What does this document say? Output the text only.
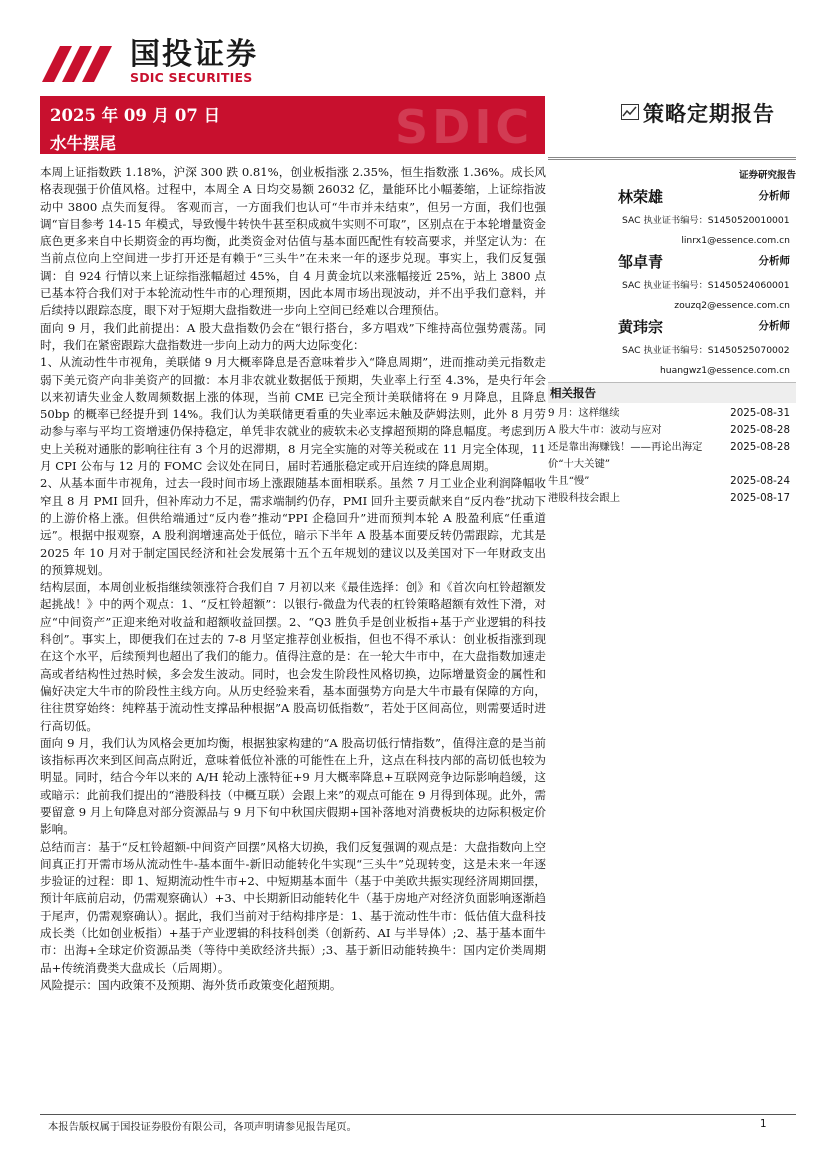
国投证券
SDIC SECURITIES
SDIC
2025 年 09 月 07 日
水牛摆尾
策略定期报告
证券研究报告
林荣雄	分析师
SAC 执业证书编号：S1450520010001
linrx1@essence.com.cn
邹卓青	分析师
SAC 执业证书编号：S1450524060001
zouzq2@essence.com.cn
黄玮宗	分析师
SAC 执业证书编号：S1450525070002
huangwz1@essence.com.cn
相关报告
9 月：这样继续	2025-08-31
A 股大牛市：波动与应对	2025-08-28
还是靠出海赚钱！——再论出海定价“十大关键”
2025-08-28
牛且“慢”	2025-08-24
港股科技会跟上	2025-08-17

本周上证指数跌 1.18%，沪深 300 跌 0.81%，创业板指涨 2.35%，恒生指数涨 1.36%。成长风格表现强于价值风格。过程中，本周全 A 日均交易额 26032 亿，量能环比小幅萎缩，上证综指波动中 3800 点失而复得。 客观而言，一方面我们也认可“牛市并未结束”，但另一方面，我们也强调“盲目参考 14-15 年模式，导致慢牛转快牛甚至积成疯牛实则不可取”，区别点在于本轮增量资金底色更多来自中长期资金的再均衡，此类资金对估值与基本面匹配性有较高要求，并坚定认为：在当前点位向上空间进一步打开还是有赖于“三头牛”在未来一年的逐步兑现。事实上，我们反复强调：自 924 行情以来上证综指涨幅超过 45%，自 4 月黄金坑以来涨幅接近 25%，站上 3800 点已基本符合我们对于本轮流动性牛市的心理预期，因此本周市场出现波动，并不出乎我们意料，并后续持以跟踪态度，眼下对于短期大盘指数进一步向上空间已经难以合理预估。

面向 9 月，我们此前提出：A 股大盘指数仍会在“银行搭台，多方唱戏”下维持高位强势震荡。同时，我们在紧密跟踪大盘指数进一步向上动力的两大边际变化：

1、从流动性牛市视角，美联储 9 月大概率降息是否意味着步入“降息周期”，进而推动美元指数走弱下美元资产向非美资产的回撤：本月非农就业数据低于预期，失业率上行至 4.3%，是央行年会以来初请失业金人数周频数据上涨的体现，当前 CME 已完全预计美联储将在 9 月降息，且降息 50bp 的概率已经提升到 14%。我们认为美联储更看重的失业率远未触及萨姆法则，此外 8 月劳动参与率与平均工资增速仍保持稳定，单凭非农就业的疲软未必支撑超预期的降息幅度。考虑到历史上关税对通胀的影响往往有 3 个月的迟滞期，8 月完全实施的对等关税或在 11 月完全体现，11 月 CPI 公布与 12 月的 FOMC 会议处在同日，届时若通胀稳定或开启连续的降息周期。

2、从基本面牛市视角，过去一段时间市场上涨跟随基本面相联系。虽然 7 月工业企业利润降幅收窄且 8 月 PMI 回升，但补库动力不足，需求端制约仍存，PMI 回升主要贡献来自“反内卷”扰动下的上游价格上涨。但供给端通过“反内卷”推动“PPI 企稳回升”进而预判本轮 A 股盈利底“任重道远”。根据中报观察，A 股利润增速高处于低位，暗示下半年 A 股基本面要反转仍需跟踪，尤其是 2025 年 10 月对于制定国民经济和社会发展第十五个五年规划的建议以及美国对下一年财政支出的预算规划。

结构层面，本周创业板指继续领涨符合我们自 7 月初以来《最佳选择：创》和《首次向杠铃超额发起挑战！》中的两个观点：1、“反杠铃超额”：以银行-微盘为代表的杠铃策略超额有效性下滑，对应“中间资产”正迎来绝对收益和超额收益回摆。2、“Q3 胜负手是创业板指+基于产业逻辑的科技科创”。事实上，即便我们在过去的 7-8 月坚定推荐创业板指，但也不得不承认：创业板指涨到现在这个水平，后续预判也超出了我们的能力。值得注意的是：在一轮大牛市中，在大盘指数加速走高或者结构性过热时候，多会发生波动。同时，也会发生阶段性风格切换，边际增量资金的属性和偏好决定大牛市的阶段性主线方向。从历史经验来看，基本面强势方向是大牛市最有保障的方向，往往贯穿始终：纯粹基于流动性支撑品种根据”A 股高切低指数”，若处于区间高位，则需要适时进行高切低。

面向 9 月，我们认为风格会更加均衡，根据独家构建的“A 股高切低行情指数”，值得注意的是当前该指标再次来到区间高点附近，意味着低位补涨的可能性在上升，这点在科技内部的高切低也较为明显。同时，结合今年以来的 A/H 轮动上涨特征+9 月大概率降息+互联网竞争边际影响趋缓，这或暗示：此前我们提出的“港股科技（中概互联）会跟上来”的观点可能在 9 月得到体现。此外，需要留意 9 月上旬降息对部分资源品与 9 月下旬中秋国庆假期+国补落地对消费板块的边际积极定价影响。

总结而言：基于“反杠铃超额-中间资产回摆”风格大切换，我们反复强调的观点是：大盘指数向上空间真正打开需市场从流动性牛-基本面牛-新旧动能转化牛实现“三头牛”兑现转变，这是未来一年逐步验证的过程：即 1、短期流动性牛市+2、中短期基本面牛（基于中美欧共振实现经济周期回摆，预计年底前启动，仍需观察确认）+3、中长期新旧动能转化牛（基于房地产对经济负面影响逐渐趋于尾声，仍需观察确认）。据此，我们当前对于结构排序是：1、基于流动性牛市：低估值大盘科技成长类（比如创业板指）+基于产业逻辑的科技科创类（创新药、AI 与半导体）;2、基于基本面牛市：出海+全球定价资源品类（等待中美欧经济共振）;3、基于新旧动能转换牛：国内定价类周期品+传统消费类大盘成长（后周期）。

风险提示：国内政策不及预期、海外货币政策变化超预期。

本报告版权属于国投证券股份有限公司，各项声明请参见报告尾页。	1
